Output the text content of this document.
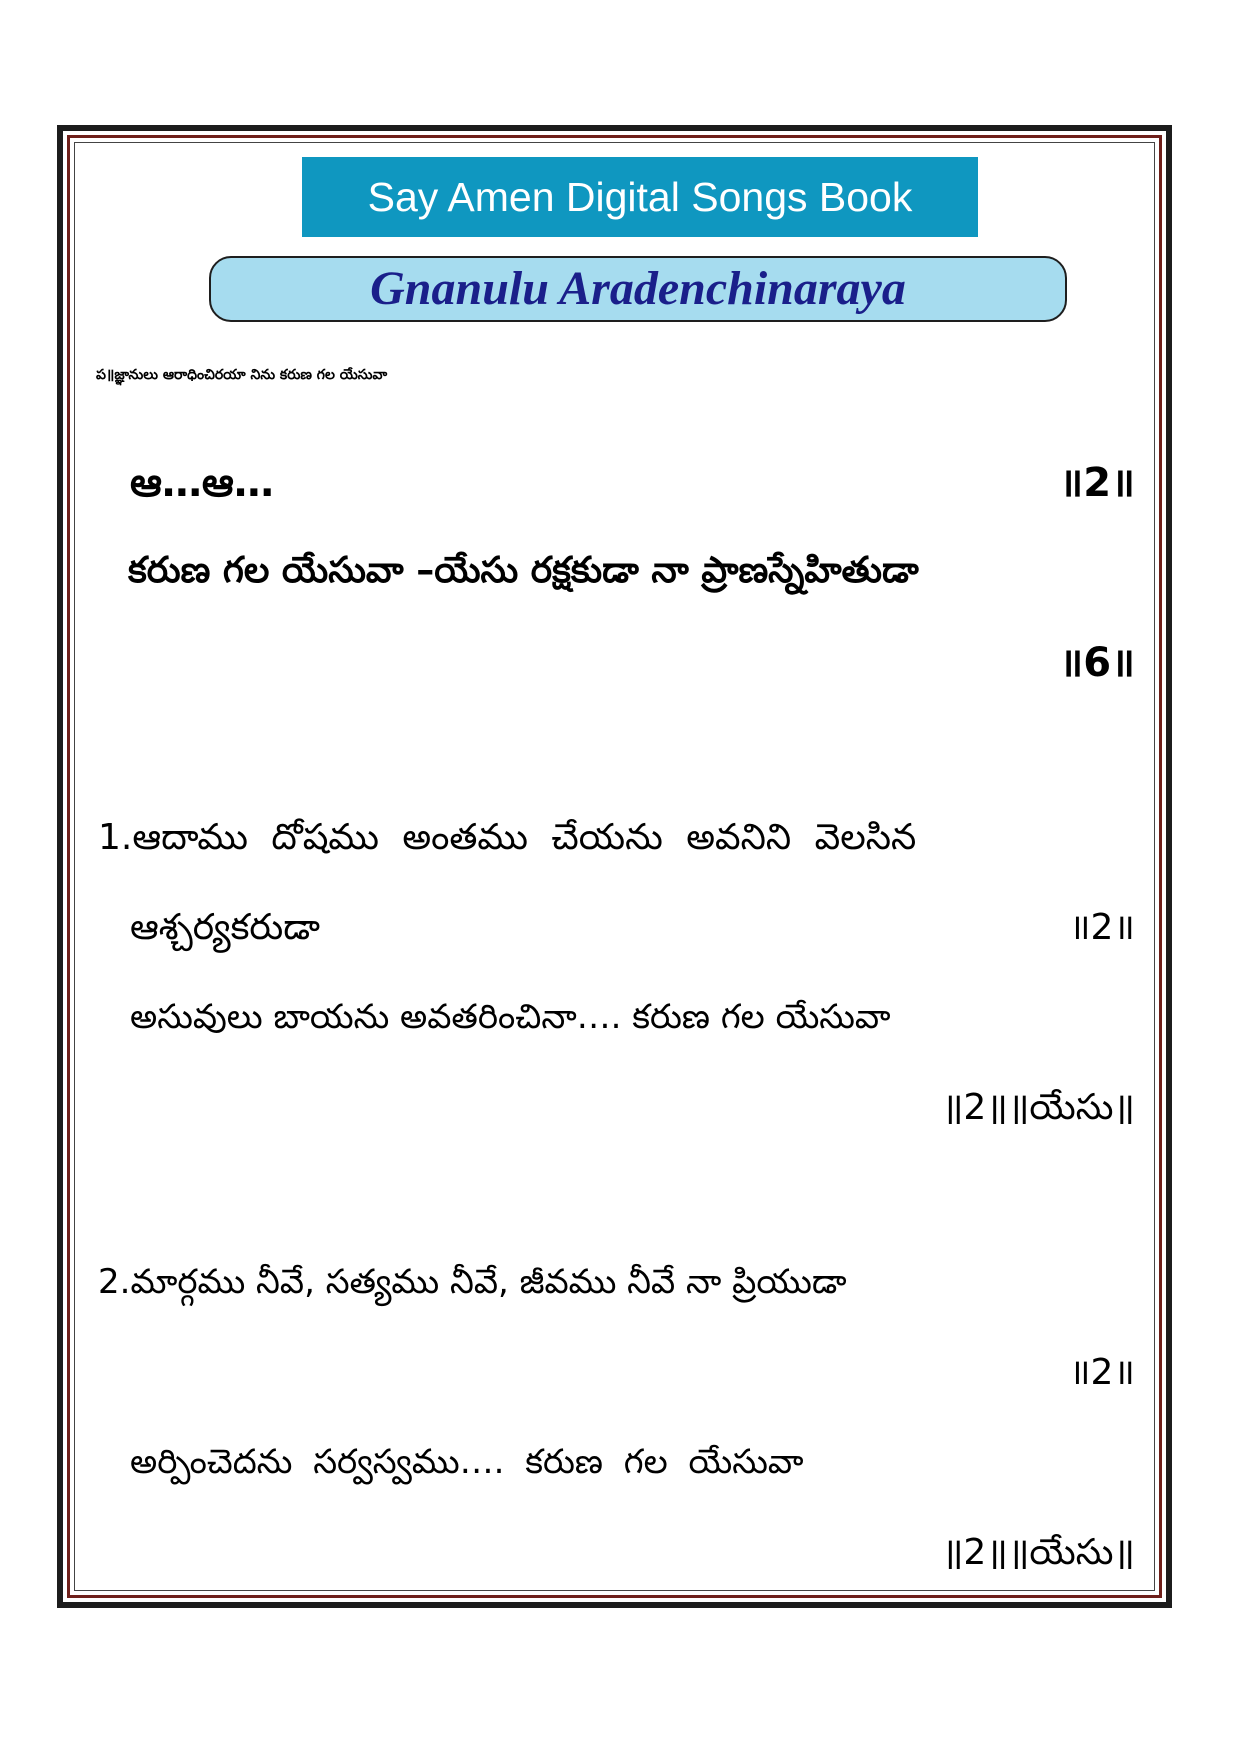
Say Amen Digital Songs Book
Gnanulu Aradenchinaraya
ప॥జ్ఞానులు ఆరాధించిరయా నిను కరుణ గల యేసువా
ఆ…ఆ…	॥2॥
కరుణ గల యేసువా –యేసు రక్షకుడా నా ప్రాణస్నేహితుడా
॥6॥
1.ఆదాము దోషము అంతము చేయను అవనిని వెలసిన
ఆశ్చర్యకరుడా	॥2॥
అసువులు బాయను అవతరించినా…. కరుణ గల యేసువా
॥2॥॥యేసు॥
2.మార్గము నీవే, సత్యము నీవే, జీవము నీవే నా ప్రియుడా
॥2॥
అర్పించెదను సర్వస్వము…. కరుణ గల యేసువా
॥2॥॥యేసు॥
